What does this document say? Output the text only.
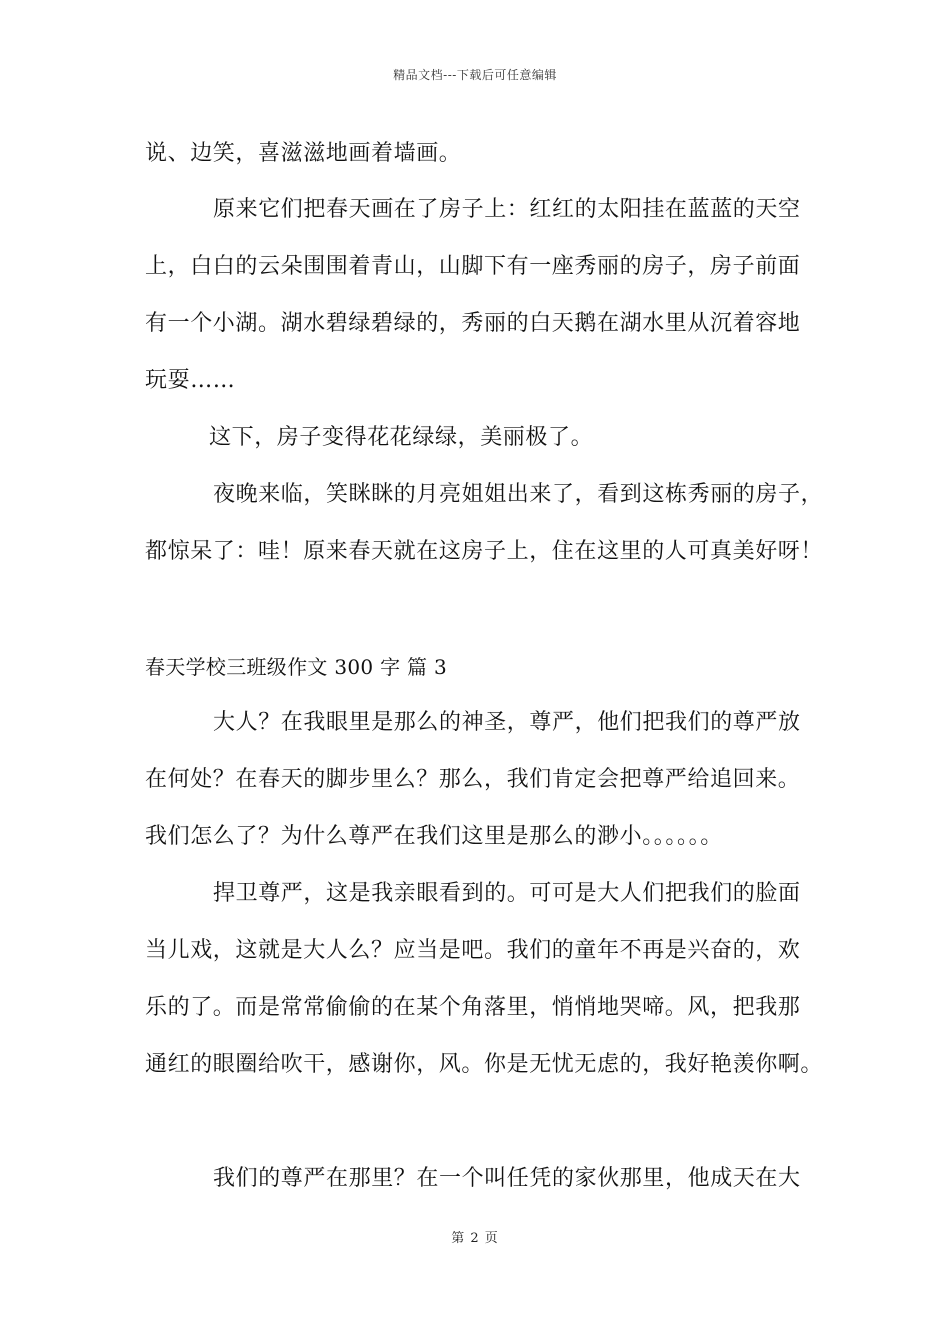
精品文档---下载后可任意编辑
说、边笑，喜滋滋地画着墙画。
原来它们把春天画在了房子上：红红的太阳挂在蓝蓝的天空
上，白白的云朵围围着青山，山脚下有一座秀丽的房子，房子前面
有一个小湖。湖水碧绿碧绿的，秀丽的白天鹅在湖水里从沉着容地
玩耍……
这下，房子变得花花绿绿，美丽极了。
夜晚来临，笑眯眯的月亮姐姐出来了，看到这栋秀丽的房子，
都惊呆了：哇！原来春天就在这房子上，住在这里的人可真美好呀！
春天学校三班级作文 300 字 篇 3
大人？在我眼里是那么的神圣，尊严，他们把我们的尊严放
在何处？在春天的脚步里么？那么，我们肯定会把尊严给追回来。
我们怎么了？为什么尊严在我们这里是那么的渺小。。。。。。
捍卫尊严，这是我亲眼看到的。可可是大人们把我们的脸面
当儿戏，这就是大人么？应当是吧。我们的童年不再是兴奋的，欢
乐的了。而是常常偷偷的在某个角落里，悄悄地哭啼。风，把我那
通红的眼圈给吹干，感谢你，风。你是无忧无虑的，我好艳羡你啊。
我们的尊严在那里？在一个叫任凭的家伙那里，他成天在大
第 2 页
